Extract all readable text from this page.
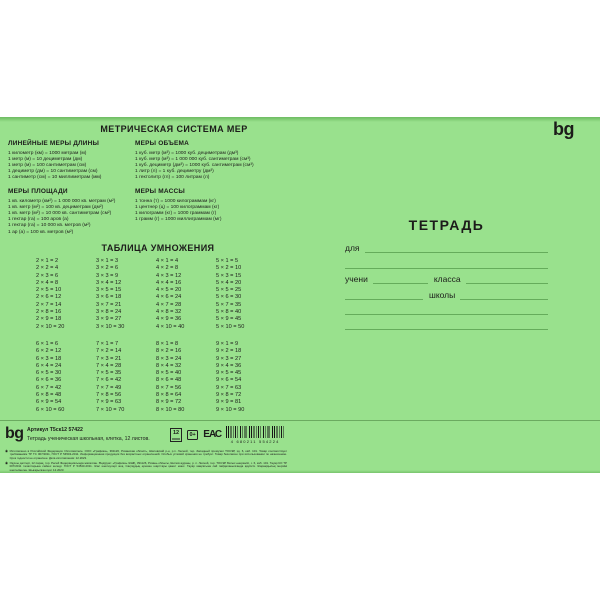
bg
МЕТРИЧЕСКАЯ СИСТЕМА МЕР
ЛИНЕЙНЫЕ МЕРЫ ДЛИНЫ
1 километр (км) = 1000 метрам (м)
1 метр (м) = 10 дециметрам (дм)
1 метр (м) = 100 сантиметрам (см)
1 дециметр (дм) = 10 сантиметрам (см)
1 сантиметр (см) = 10 миллиметрам (мм)
МЕРЫ ПЛОЩАДИ
1 кв. километр (км²) = 1 000 000 кв. метрам (м²)
1 кв. метр (м²) = 100 кв. дециметрам (дм²)
1 кв. метр (м²) = 10 000 кв. сантиметрам (см²)
1 гектар (га) = 100 аров (а)
1 гектар (га) = 10 000 кв. метров (м²)
1 ар (а) = 100 кв. метров (м²)
МЕРЫ ОБЪЕМА
1 куб. метр (м³) = 1000 куб. дециметрам (дм³)
1 куб. метр (м³) = 1 000 000 куб. сантиметрам (см³)
1 куб. дециметр (дм³) = 1000 куб. сантиметрам (см³)
1 литр (л) = 1 куб. дециметру (дм³)
1 гектолитр (гл) = 100 литрам (л)
МЕРЫ МАССЫ
1 тонна (т) = 1000 килограммам (кг)
1 центнер (ц) = 100 килограммам (кг)
1 килограмм (кг) = 1000 граммам (г)
1 грамм (г) = 1000 миллиграммам (мг)
ТАБЛИЦА УМНОЖЕНИЯ
2 × 1 = 2
2 × 2 = 4
2 × 3 = 6
2 × 4 = 8
2 × 5 = 10
2 × 6 = 12
2 × 7 = 14
2 × 8 = 16
2 × 9 = 18
2 × 10 = 20
3 × 1 = 3
3 × 2 = 6
3 × 3 = 9
3 × 4 = 12
3 × 5 = 15
3 × 6 = 18
3 × 7 = 21
3 × 8 = 24
3 × 9 = 27
3 × 10 = 30
4 × 1 = 4
4 × 2 = 8
4 × 3 = 12
4 × 4 = 16
4 × 5 = 20
4 × 6 = 24
4 × 7 = 28
4 × 8 = 32
4 × 9 = 36
4 × 10 = 40
5 × 1 = 5
5 × 2 = 10
5 × 3 = 15
5 × 4 = 20
5 × 5 = 25
5 × 6 = 30
5 × 7 = 35
5 × 8 = 40
5 × 9 = 45
5 × 10 = 50
6 × 1 = 6
6 × 2 = 12
6 × 3 = 18
6 × 4 = 24
6 × 5 = 30
6 × 6 = 36
6 × 7 = 42
6 × 8 = 48
6 × 9 = 54
6 × 10 = 60
7 × 1 = 7
7 × 2 = 14
7 × 3 = 21
7 × 4 = 28
7 × 5 = 35
7 × 6 = 42
7 × 7 = 49
7 × 8 = 56
7 × 9 = 63
7 × 10 = 70
8 × 1 = 8
8 × 2 = 16
8 × 3 = 24
8 × 4 = 32
8 × 5 = 40
8 × 6 = 48
8 × 7 = 56
8 × 8 = 64
8 × 9 = 72
8 × 10 = 80
9 × 1 = 9
9 × 2 = 18
9 × 3 = 27
9 × 4 = 36
9 × 5 = 45
9 × 6 = 54
9 × 7 = 63
9 × 8 = 72
9 × 9 = 81
9 × 10 = 90
ТЕТРАДЬ
для
учени	класса
школы
bg Артикул Т5ск12 57422
Тетрадь ученическая школьная, клетка, 12 листов.
12	0+ ЕАС
4 680211 554224
◉ Изготовлено в Российской Федерации. Изготовитель: ООО «Графика», 391126, Рязанская область, Шиловский р-н, р.п. Лесной, тер. Западный промузел ТОСЭР, зд. 6, каб. 101. Товар соответствует требованиям ТР ТС 007/2011, ГОСТ Р 54543-2011. Информационная продукция без возрастных ограничений. Особых условий хранения не требует. Товар безопасен при использовании по назначению. Срок годности не ограничен. Дата изготовления: 12.2023.
◉ Оқушы дәптері, 12 парақ, тор. Ресей Федерациясында жасалған. Өндіруші: «Графика» ЖШҚ, 391126, Рязань облысы, Шилов ауданы, р. п. Лесной, тер. ТОСЭР Батыс өнеркәсіп, ғ. 6, каб. 101. Тауар КО ТР 007/2011 талаптарына сәйкес келеді. ГОСТ Р 54543-2011. Жас шектеулері жоқ. Сақтаудың ерекше шарттары қажет емес. Тауар мақсатына сай пайдаланылғанда қауіпсіз. Жарамдылық мерзімі шектелмеген. Шығарылған күні: 12.2023.
